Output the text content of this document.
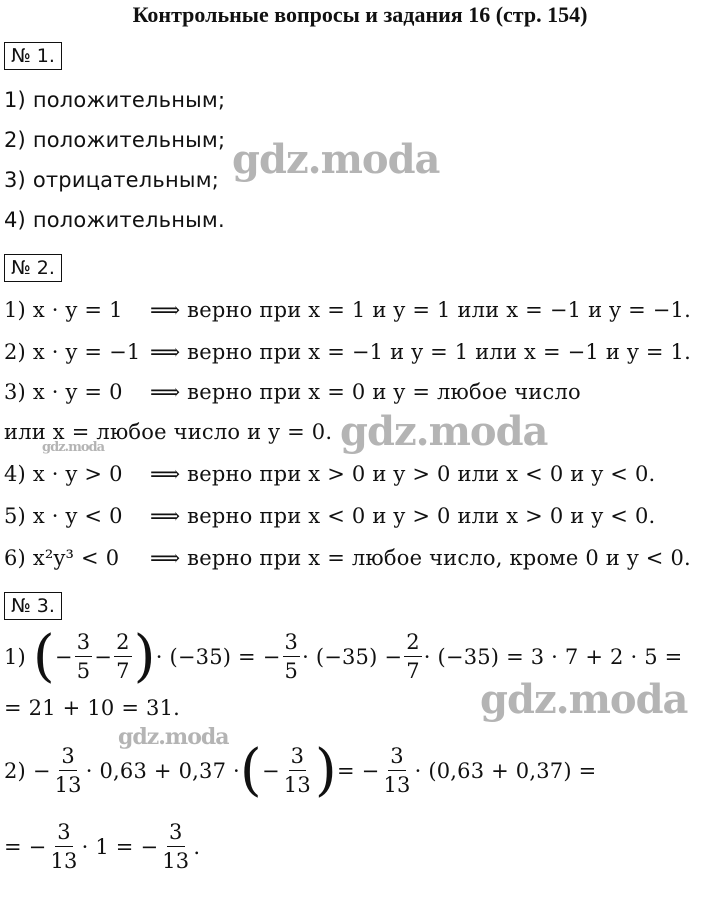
Контрольные вопросы и задания 16 (стр. 154)
№ 1.
1) положительным;
2) положительным;
3) отрицательным;
4) положительным.
gdz.moda
№ 2.
1) x · y = 1 ⟹ верно при x = 1 и y = 1 или x = −1 и y = −1.
2) x · y = −1 ⟹ верно при x = −1 и y = 1 или x = −1 и y = 1.
3) x · y = 0 ⟹ верно при x = 0 и y = любое число
или x = любое число и y = 0. gdz.moda
gdz.moda
4) x · y > 0 ⟹ верно при x > 0 и y > 0 или x < 0 и y < 0.
5) x · y < 0 ⟹ верно при x < 0 и y > 0 или x > 0 и y < 0.
6) x²y³ < 0 ⟹ верно при x = любое число, кроме 0 и y < 0.
№ 3.
1)
( − $\frac{3}{5} - \frac{2}{7}$ ) · (−35) = − $\frac{3}{5} \cdot (-35) - \frac{2}{7} \cdot (-35) = 3 \cdot 7 + 2 \cdot 5$ =
= 21 + 10 = 31.	gdz.moda
gdz.moda
$2) - \frac{3}{13} \cdot 0,63 + 0,37$ · ( − $\frac{3}{13}$ ) = − $\frac{3}{13} \cdot (0,63 + 0,37)$ =
= − $\frac{3}{13} \cdot 1$ = − $\frac{3}{13}$ .
